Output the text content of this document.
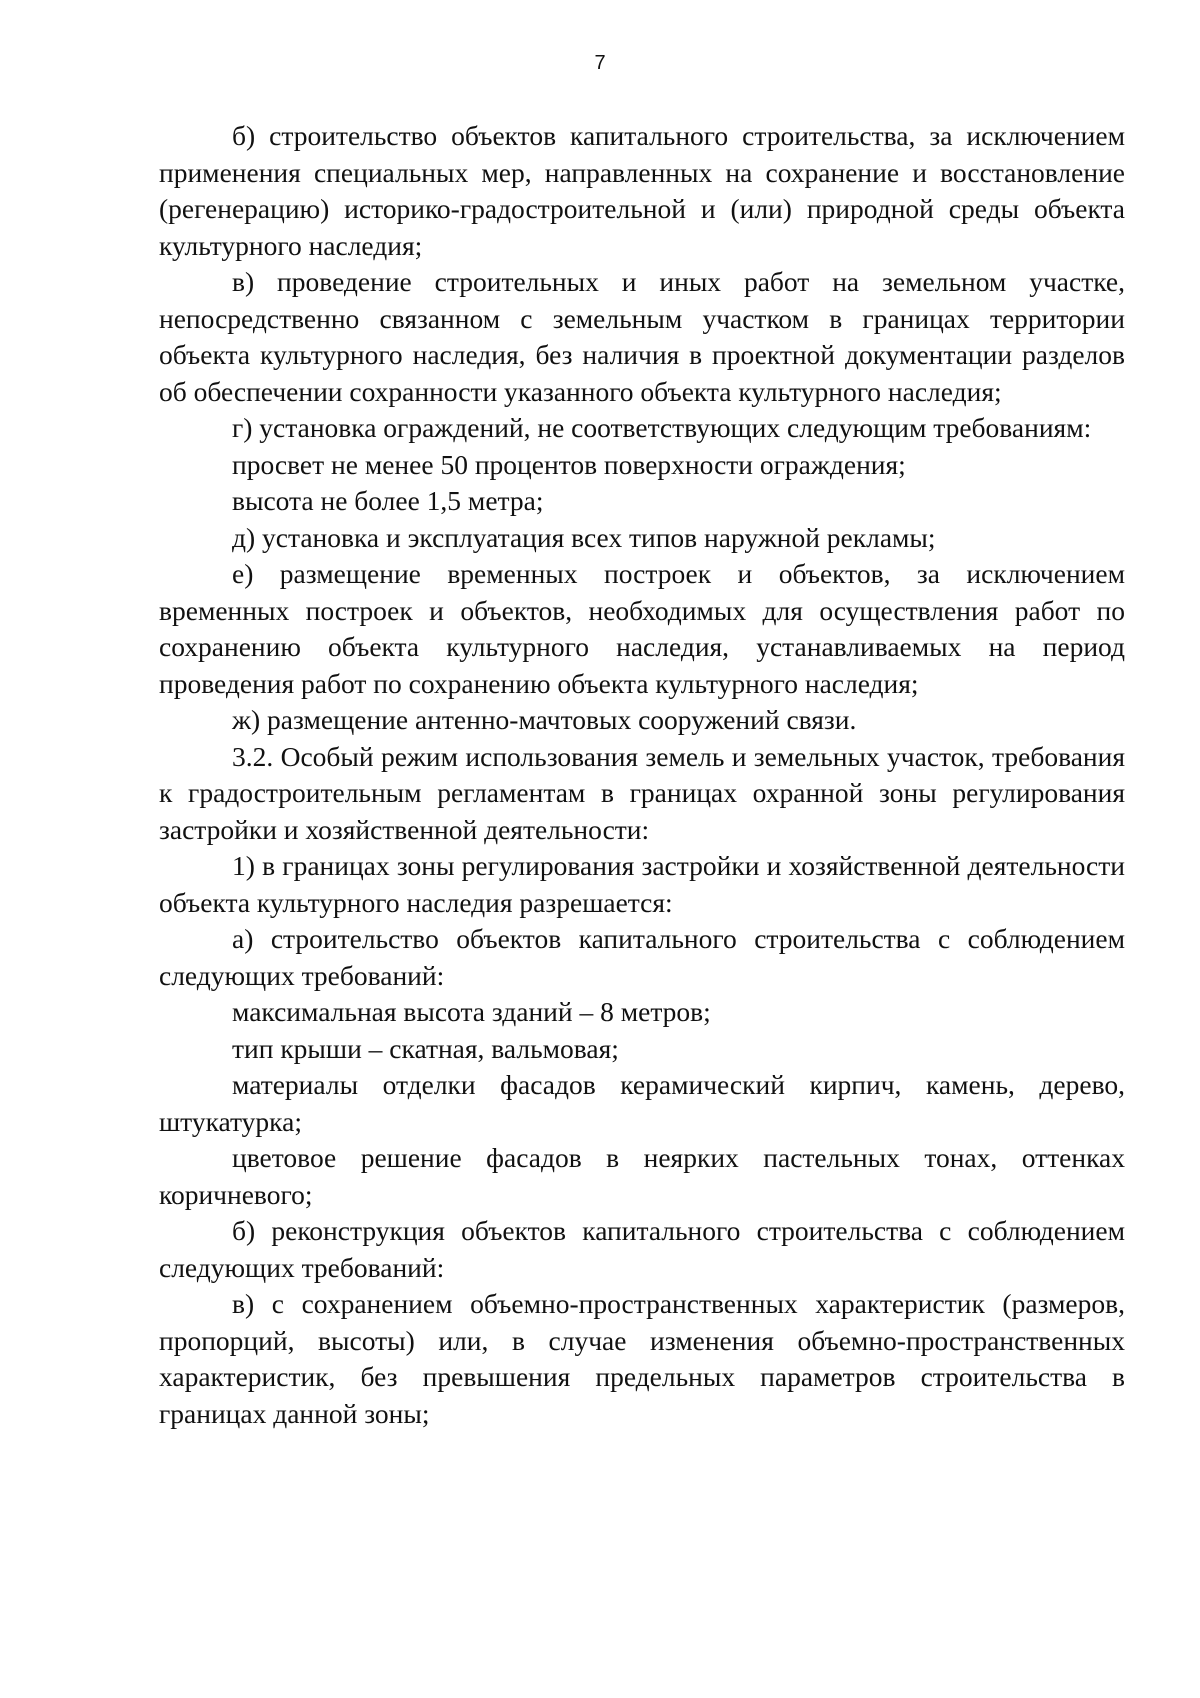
7

б) строительство объектов капитального строительства, за исключением применения специальных мер, направленных на сохранение и восстановление (регенерацию) историко-градостроительной и (или) природной среды объекта культурного наследия;

в) проведение строительных и иных работ на земельном участке, непосредственно связанном с земельным участком в границах территории объекта культурного наследия, без наличия в проектной документации разделов об обеспечении сохранности указанного объекта культурного наследия;

г) установка ограждений, не соответствующих следующим требованиям:

просвет не менее 50 процентов поверхности ограждения;

высота не более 1,5 метра;

д) установка и эксплуатация всех типов наружной рекламы;

е) размещение временных построек и объектов, за исключением временных построек и объектов, необходимых для осуществления работ по сохранению объекта культурного наследия, устанавливаемых на период проведения работ по сохранению объекта культурного наследия;

ж) размещение антенно-мачтовых сооружений связи.

3.2. Особый режим использования земель и земельных участок, требования к градостроительным регламентам в границах охранной зоны регулирования застройки и хозяйственной деятельности:

1) в границах зоны регулирования застройки и хозяйственной деятельности объекта культурного наследия разрешается:

а) строительство объектов капитального строительства с соблюдением следующих требований:

максимальная высота зданий – 8 метров;

тип крыши – скатная, вальмовая;

материалы отделки фасадов керамический кирпич, камень, дерево, штукатурка;

цветовое решение фасадов в неярких пастельных тонах, оттенках коричневого;

б) реконструкция объектов капитального строительства с соблюдением следующих требований:

в) с сохранением объемно-пространственных характеристик (размеров, пропорций, высоты) или, в случае изменения объемно-пространственных характеристик, без превышения предельных параметров строительства в границах данной зоны;
